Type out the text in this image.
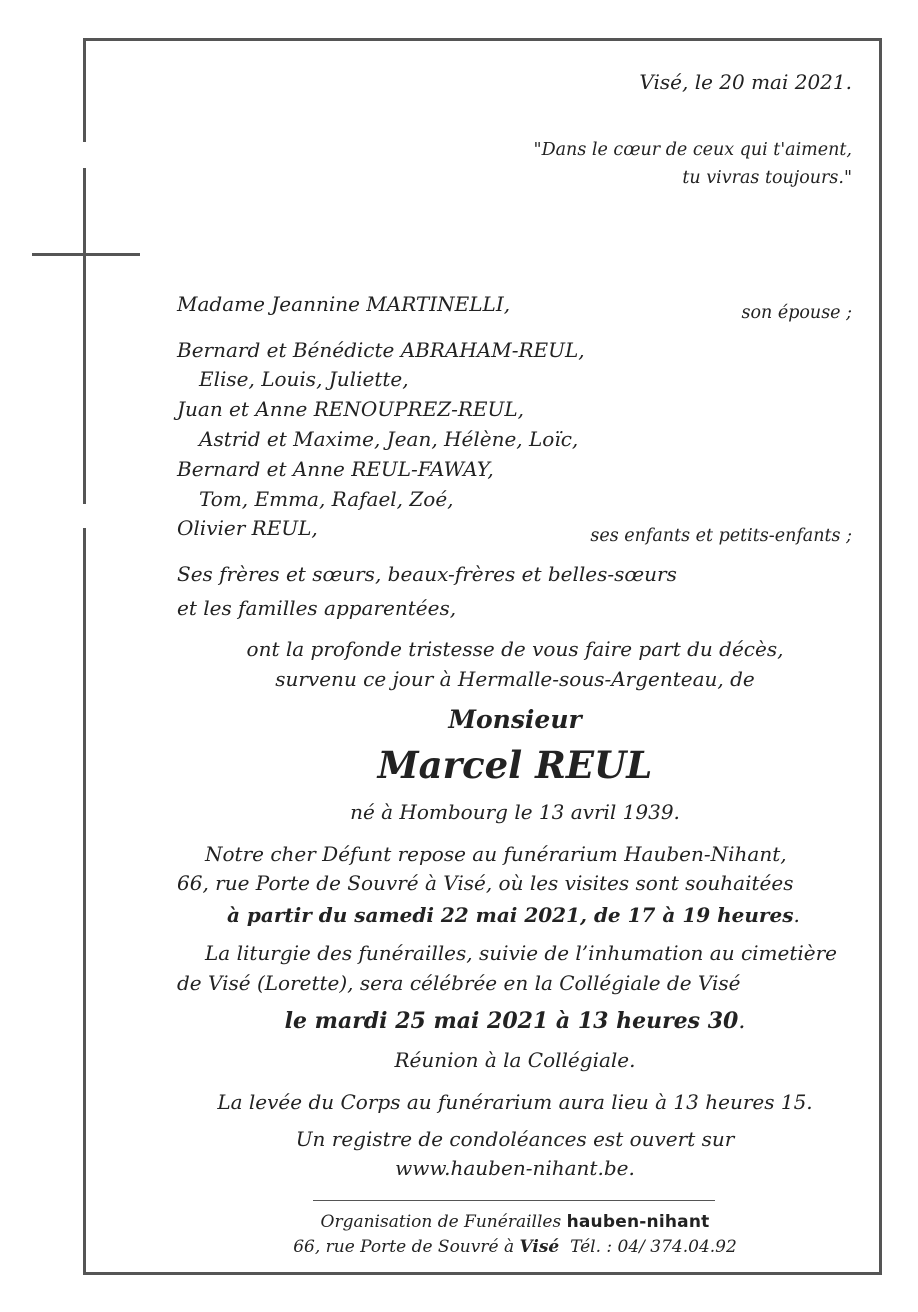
Visé, le 20 mai 2021.
"Dans le cœur de ceux qui t'aiment,
tu vivras toujours."
Madame Jeannine MARTINELLI,	son épouse ;
Bernard et Bénédicte ABRAHAM-REUL,
Elise, Louis, Juliette,
Juan et Anne RENOUPREZ-REUL,
Astrid et Maxime, Jean, Hélène, Loïc,
Bernard et Anne REUL-FAWAY,
Tom, Emma, Rafael, Zoé,
Olivier REUL,	ses enfants et petits-enfants ;
Ses frères et sœurs, beaux-frères et belles-sœurs
et les familles apparentées,
ont la profonde tristesse de vous faire part du décès,
survenu ce jour à Hermalle-sous-Argenteau, de
Monsieur
Marcel REUL
né à Hombourg le 13 avril 1939.
Notre cher Défunt repose au funérarium Hauben-Nihant,
66, rue Porte de Souvré à Visé, où les visites sont souhaitées
à partir du samedi 22 mai 2021, de 17 à 19 heures.
La liturgie des funérailles, suivie de l’inhumation au cimetière
de Visé (Lorette), sera célébrée en la Collégiale de Visé
le mardi 25 mai 2021 à 13 heures 30.
Réunion à la Collégiale.
La levée du Corps au funérarium aura lieu à 13 heures 15.
Un registre de condoléances est ouvert sur
www.hauben-nihant.be.
Organisation de Funérailles hauben-nihant
66, rue Porte de Souvré à Visé Tél. : 04/ 374.04.92
